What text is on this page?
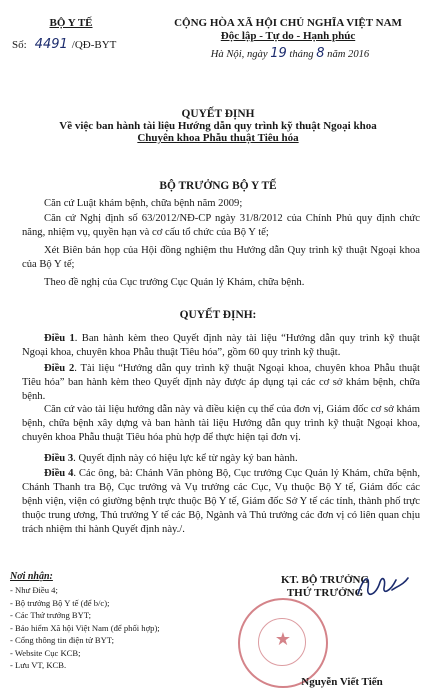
BỘ Y TẾ
Số: 4491 /QĐ-BYT
CỘNG HÒA XÃ HỘI CHỦ NGHĨA VIỆT NAM
Độc lập - Tự do - Hạnh phúc
Hà Nội, ngày 19 tháng 8 năm 2016
QUYẾT ĐỊNH
Về việc ban hành tài liệu Hướng dẫn quy trình kỹ thuật Ngoại khoa
Chuyên khoa Phẫu thuật Tiêu hóa
BỘ TRƯỞNG BỘ Y TẾ
Căn cứ Luật khám bệnh, chữa bệnh năm 2009;
Căn cứ Nghị định số 63/2012/NĐ-CP ngày 31/8/2012 của Chính Phủ quy định chức năng, nhiệm vụ, quyền hạn và cơ cấu tổ chức của Bộ Y tế;
Xét Biên bản họp của Hội đồng nghiệm thu Hướng dẫn Quy trình kỹ thuật Ngoại khoa của Bộ Y tế;
Theo đề nghị của Cục trưởng Cục Quản lý Khám, chữa bệnh.
QUYẾT ĐỊNH:
Điều 1. Ban hành kèm theo Quyết định này tài liệu “Hướng dẫn quy trình kỹ thuật Ngoại khoa, chuyên khoa Phẫu thuật Tiêu hóa”, gồm 60 quy trình kỹ thuật.
Điều 2. Tài liệu “Hướng dẫn quy trình kỹ thuật Ngoại khoa, chuyên khoa Phẫu thuật Tiêu hóa” ban hành kèm theo Quyết định này được áp dụng tại các cơ sở khám bệnh, chữa bệnh.
Căn cứ vào tài liệu hướng dẫn này và điều kiện cụ thể của đơn vị, Giám đốc cơ sở khám bệnh, chữa bệnh xây dựng và ban hành tài liệu Hướng dẫn quy trình kỹ thuật Ngoại khoa, chuyên khoa Phẫu thuật Tiêu hóa phù hợp để thực hiện tại đơn vị.
Điều 3. Quyết định này có hiệu lực kể từ ngày ký ban hành.
Điều 4. Các ông, bà: Chánh Văn phòng Bộ, Cục trưởng Cục Quản lý Khám, chữa bệnh, Chánh Thanh tra Bộ, Cục trưởng và Vụ trưởng các Cục, Vụ thuộc Bộ Y tế, Giám đốc các bệnh viện, viện có giường bệnh trực thuộc Bộ Y tế, Giám đốc Sở Y tế các tỉnh, thành phố trực thuộc trung ương, Thủ trưởng Y tế các Bộ, Ngành và Thủ trưởng các đơn vị có liên quan chịu trách nhiệm thi hành Quyết định này./.
Nơi nhận:
- Như Điều 4;
- Bộ trưởng Bộ Y tế (để b/c);
- Các Thứ trưởng BYT;
- Bảo hiểm Xã hội Việt Nam (để phối hợp);
- Cổng thông tin điện tử BYT;
- Website Cục KCB;
- Lưu VT, KCB.
★
KT. BỘ TRƯỞNG
THỨ TRƯỞNG
Nguyễn Viết Tiến
